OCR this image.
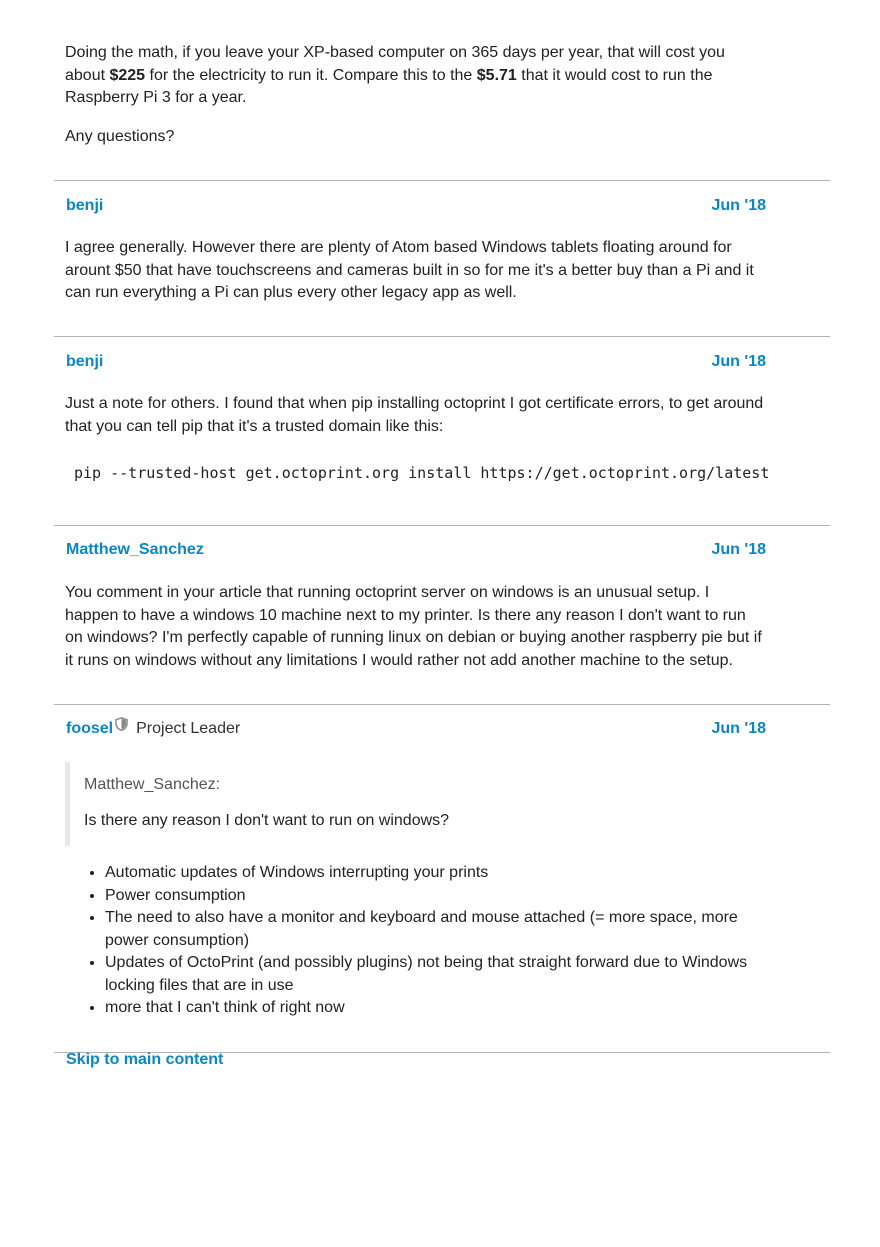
Doing the math, if you leave your XP-based computer on 365 days per year, that will cost you about $225 for the electricity to run it. Compare this to the $5.71 that it would cost to run the Raspberry Pi 3 for a year.

Any questions?

benji	Jun '18

I agree generally. However there are plenty of Atom based Windows tablets floating around for arount $50 that have touchscreens and cameras built in so for me it's a better buy than a Pi and it can run everything a Pi can plus every other legacy app as well.

benji	Jun '18

Just a note for others. I found that when pip installing octoprint I got certificate errors, to get around that you can tell pip that it's a trusted domain like this:

pip --trusted-host get.octoprint.org install https://get.octoprint.org/latest
Matthew_Sanchez	Jun '18

You comment in your article that running octoprint server on windows is an unusual setup. I happen to have a windows 10 machine next to my printer. Is there any reason I don't want to run on windows? I'm perfectly capable of running linux on debian or buying another raspberry pie but if it runs on windows without any limitations I would rather not add another machine to the setup.

foosel Project Leader	Jun '18
Matthew_Sanchez:
Is there any reason I don't want to run on windows?
• Automatic updates of Windows interrupting your prints
• Power consumption
• The need to also have a monitor and keyboard and mouse attached (= more space, more power consumption)
• Updates of OctoPrint (and possibly plugins) not being that straight forward due to Windows locking files that are in use
• more that I can't think of right now
Skip to main content
